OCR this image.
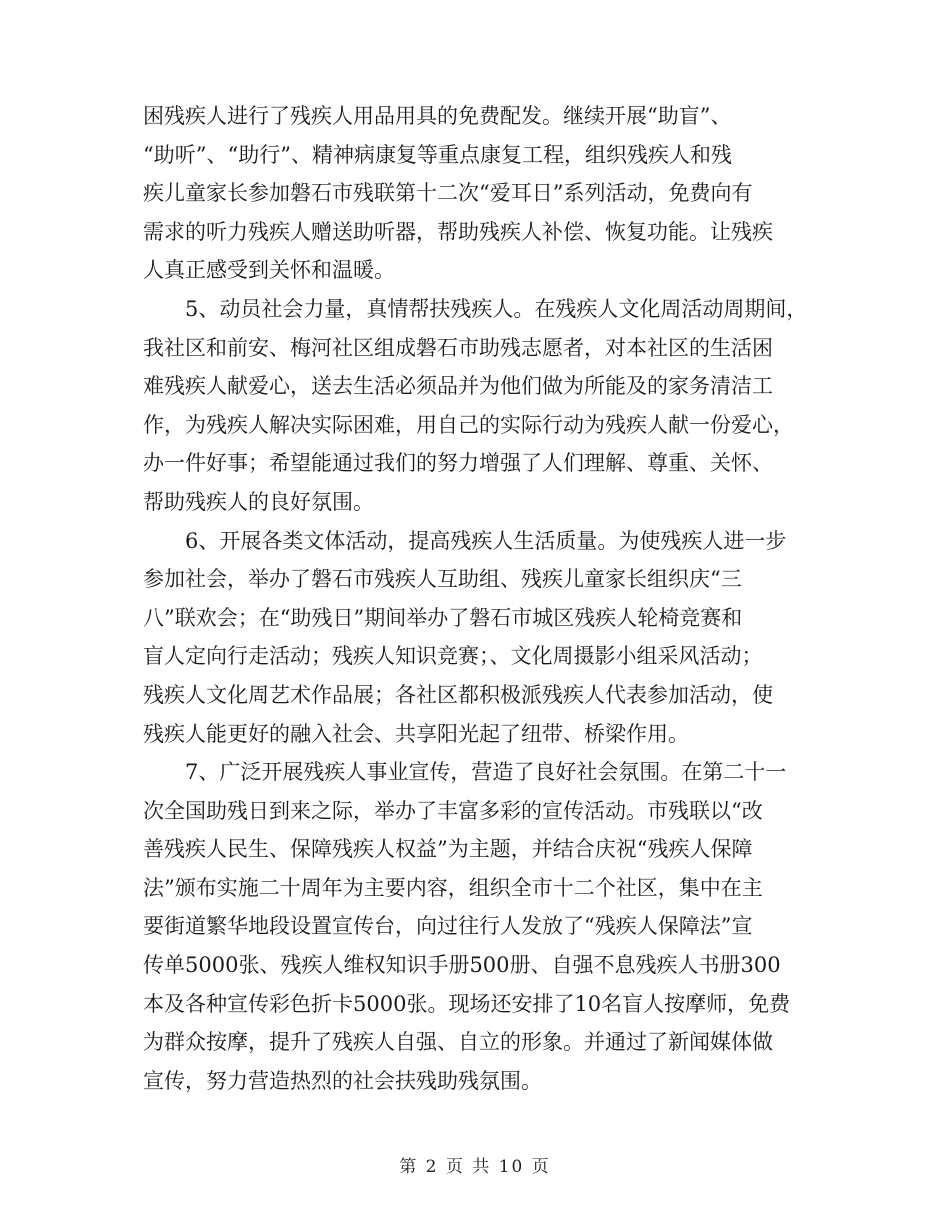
困残疾人进行了残疾人用品用具的免费配发。继续开展“助盲”、
“助听”、“助行”、精神病康复等重点康复工程，组织残疾人和残
疾儿童家长参加磐石市残联第十二次“爱耳日”系列活动，免费向有
需求的听力残疾人赠送助听器，帮助残疾人补偿、恢复功能。让残疾
人真正感受到关怀和温暖。
5、动员社会力量，真情帮扶残疾人。在残疾人文化周活动周期间，
我社区和前安、梅河社区组成磐石市助残志愿者，对本社区的生活困
难残疾人献爱心，送去生活必须品并为他们做为所能及的家务清洁工
作，为残疾人解决实际困难，用自己的实际行动为残疾人献一份爱心，
办一件好事；希望能通过我们的努力增强了人们理解、尊重、关怀、
帮助残疾人的良好氛围。
6、开展各类文体活动，提高残疾人生活质量。为使残疾人进一步
参加社会，举办了磐石市残疾人互助组、残疾儿童家长组织庆“三
八”联欢会；在“助残日”期间举办了磐石市城区残疾人轮椅竞赛和
盲人定向行走活动；残疾人知识竞赛；、文化周摄影小组采风活动；
残疾人文化周艺术作品展；各社区都积极派残疾人代表参加活动，使
残疾人能更好的融入社会、共享阳光起了纽带、桥梁作用。
7、广泛开展残疾人事业宣传，营造了良好社会氛围。在第二十一
次全国助残日到来之际，举办了丰富多彩的宣传活动。市残联以“改
善残疾人民生、保障残疾人权益”为主题，并结合庆祝“残疾人保障
法”颁布实施二十周年为主要内容，组织全市十二个社区，集中在主
要街道繁华地段设置宣传台，向过往行人发放了“残疾人保障法”宣
传单5000张、残疾人维权知识手册500册、自强不息残疾人书册300
本及各种宣传彩色折卡5000张。现场还安排了10名盲人按摩师，免费
为群众按摩，提升了残疾人自强、自立的形象。并通过了新闻媒体做
宣传，努力营造热烈的社会扶残助残氛围。
第 2 页 共 10 页
